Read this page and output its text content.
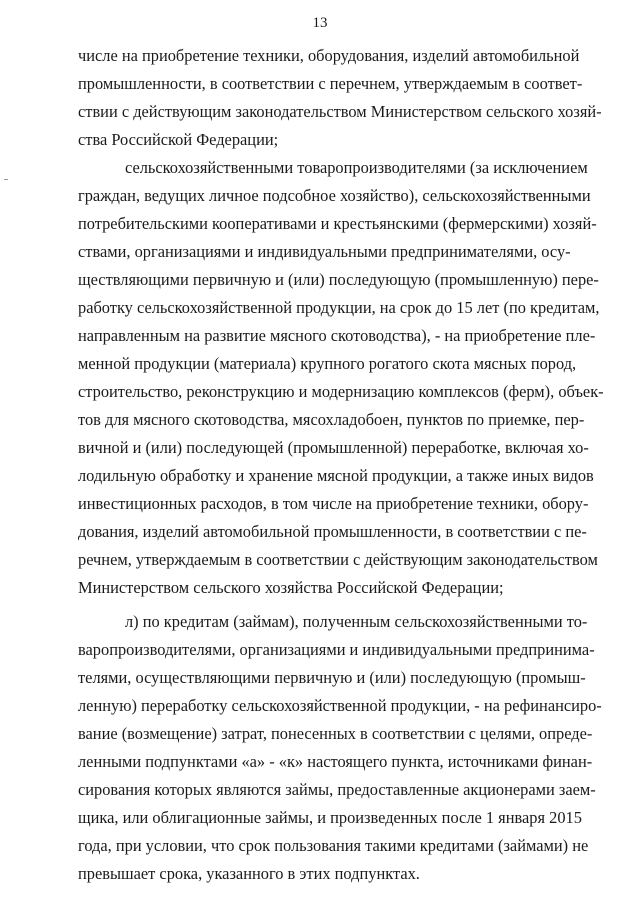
13
числе на приобретение техники, оборудования, изделий автомобильной
промышленности, в соответствии с перечнем, утверждаемым в соответ-
ствии с действующим законодательством Министерством сельского хозяй-
ства Российской Федерации;
сельскохозяйственными товаропроизводителями (за исключением
граждан, ведущих личное подсобное хозяйство), сельскохозяйственными
потребительскими кооперативами и крестьянскими (фермерскими) хозяй-
ствами, организациями и индивидуальными предпринимателями, осу-
ществляющими первичную и (или) последующую (промышленную) пере-
работку сельскохозяйственной продукции, на срок до 15 лет (по кредитам,
направленным на развитие мясного скотоводства), - на приобретение пле-
менной продукции (материала) крупного рогатого скота мясных пород,
строительство, реконструкцию и модернизацию комплексов (ферм), объек-
тов для мясного скотоводства, мясохладобоен, пунктов по приемке, пер-
вичной и (или) последующей (промышленной) переработке, включая хо-
лодильную обработку и хранение мясной продукции, а также иных видов
инвестиционных расходов, в том числе на приобретение техники, обору-
дования, изделий автомобильной промышленности, в соответствии с пе-
речнем, утверждаемым в соответствии с действующим законодательством
Министерством сельского хозяйства Российской Федерации;
л) по кредитам (займам), полученным сельскохозяйственными то-
варопроизводителями, организациями и индивидуальными предпринима-
телями, осуществляющими первичную и (или) последующую (промыш-
ленную) переработку сельскохозяйственной продукции, - на рефинансиро-
вание (возмещение) затрат, понесенных в соответствии с целями, опреде-
ленными подпунктами «а» - «к» настоящего пункта, источниками финан-
сирования которых являются займы, предоставленные акционерами заем-
щика, или облигационные займы, и произведенных после 1 января 2015
года, при условии, что срок пользования такими кредитами (займами) не
превышает срока, указанного в этих подпунктах.
